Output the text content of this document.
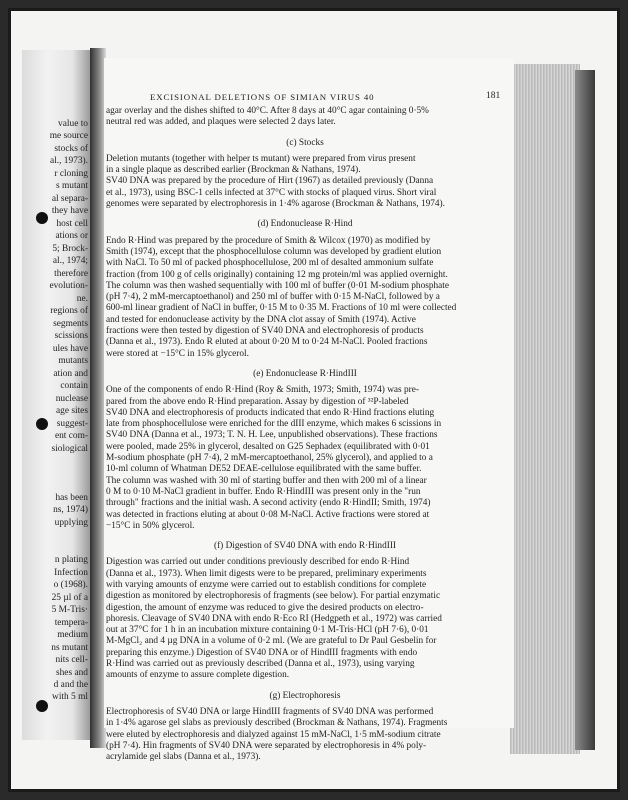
value to
me source
stocks of
al., 1973).
r cloning
s mutant
al separa-
they have
host cell
ations or
5; Brock-
al., 1974;
therefore
evolution-
ne.
regions of
segments
scissions
ules have
mutants
ation and
contain
nuclease
age sites
suggest-
ent com-
siological
has been
ns, 1974)
upplying
n plating
Infection
o (1968).
25 µl of a
5 M-Tris·
tempera-
medium
ns mutant
nits cell-
shes and
d and the
with 5 ml
EXCISIONAL DELETIONS OF SIMIAN VIRUS 40	181
agar overlay and the dishes shifted to 40°C. After 8 days at 40°C agar containing 0·5%
neutral red was added, and plaques were selected 2 days later.
(c) Stocks
Deletion mutants (together with helper ts mutant) were prepared from virus present
in a single plaque as described earlier (Brockman & Nathans, 1974).
SV40 DNA was prepared by the procedure of Hirt (1967) as detailed previously (Danna
et al., 1973), using BSC-1 cells infected at 37°C with stocks of plaqued virus. Short viral
genomes were separated by electrophoresis in 1·4% agarose (Brockman & Nathans, 1974).
(d) Endonuclease R·Hind
Endo R·Hind was prepared by the procedure of Smith & Wilcox (1970) as modified by
Smith (1974), except that the phosphocellulose column was developed by gradient elution
with NaCl. To 50 ml of packed phosphocellulose, 200 ml of desalted ammonium sulfate
fraction (from 100 g of cells originally) containing 12 mg protein/ml was applied overnight.
The column was then washed sequentially with 100 ml of buffer (0·01 M-sodium phosphate
(pH 7·4), 2 mM-mercaptoethanol) and 250 ml of buffer with 0·15 M-NaCl, followed by a
600-ml linear gradient of NaCl in buffer, 0·15 M to 0·35 M. Fractions of 10 ml were collected
and tested for endonuclease activity by the DNA clot assay of Smith (1974). Active
fractions were then tested by digestion of SV40 DNA and electrophoresis of products
(Danna et al., 1973). Endo R eluted at about 0·20 M to 0·24 M-NaCl. Pooled fractions
were stored at −15°C in 15% glycerol.
(e) Endonuclease R·HindIII
One of the components of endo R·Hind (Roy & Smith, 1973; Smith, 1974) was pre-
pared from the above endo R·Hind preparation. Assay by digestion of ³²P-labeled
SV40 DNA and electrophoresis of products indicated that endo R·Hind fractions eluting
late from phosphocellulose were enriched for the dIII enzyme, which makes 6 scissions in
SV40 DNA (Danna et al., 1973; T. N. H. Lee, unpublished observations). These fractions
were pooled, made 25% in glycerol, desalted on G25 Sephadex (equilibrated with 0·01
M-sodium phosphate (pH 7·4), 2 mM-mercaptoethanol, 25% glycerol), and applied to a
10-ml column of Whatman DE52 DEAE-cellulose equilibrated with the same buffer.
The column was washed with 30 ml of starting buffer and then with 200 ml of a linear
0 M to 0·10 M-NaCl gradient in buffer. Endo R·HindIII was present only in the "run
through" fractions and the initial wash. A second activity (endo R·HindII; Smith, 1974)
was detected in fractions eluting at about 0·08 M-NaCl. Active fractions were stored at
−15°C in 50% glycerol.
(f) Digestion of SV40 DNA with endo R·HindIII
Digestion was carried out under conditions previously described for endo R·Hind
(Danna et al., 1973). When limit digests were to be prepared, preliminary experiments
with varying amounts of enzyme were carried out to establish conditions for complete
digestion as monitored by electrophoresis of fragments (see below). For partial enzymatic
digestion, the amount of enzyme was reduced to give the desired products on electro-
phoresis. Cleavage of SV40 DNA with endo R·Eco RI (Hedgpeth et al., 1972) was carried
out at 37°C for 1 h in an incubation mixture containing 0·1 M-Tris·HCl (pH 7·6), 0·01
M-MgCl₂ and 4 µg DNA in a volume of 0·2 ml. (We are grateful to Dr Paul Gesbelin for
preparing this enzyme.) Digestion of SV40 DNA or of HindIII fragments with endo
R·Hind was carried out as previously described (Danna et al., 1973), using varying
amounts of enzyme to assure complete digestion.
(g) Electrophoresis
Electrophoresis of SV40 DNA or large HindIII fragments of SV40 DNA was performed
in 1·4% agarose gel slabs as previously described (Brockman & Nathans, 1974). Fragments
were eluted by electrophoresis and dialyzed against 15 mM-NaCl, 1·5 mM-sodium citrate
(pH 7·4). Hin fragments of SV40 DNA were separated by electrophoresis in 4% poly-
acrylamide gel slabs (Danna et al., 1973).
